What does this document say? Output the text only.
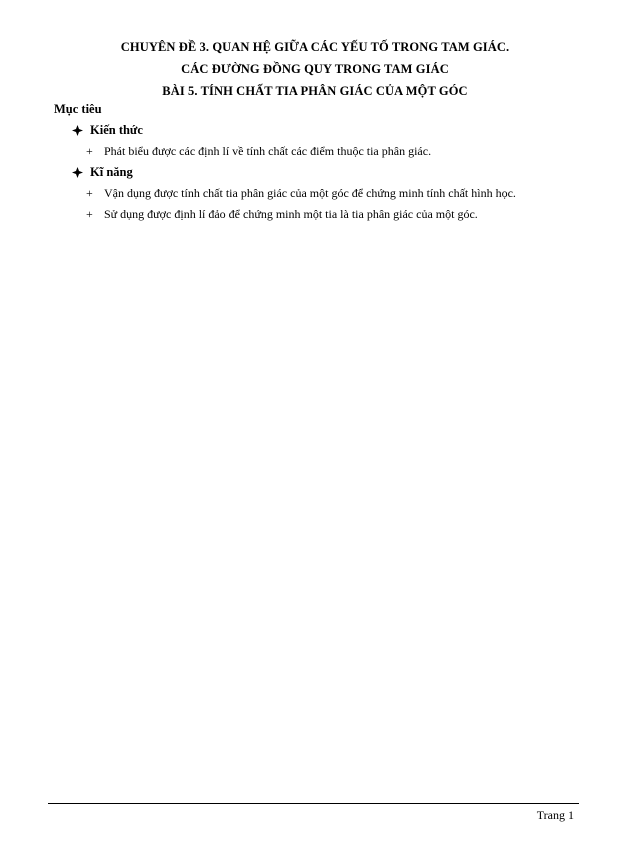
CHUYÊN ĐỀ 3. QUAN HỆ GIỮA CÁC YẾU TỐ TRONG TAM GIÁC.
CÁC ĐƯỜNG ĐỒNG QUY TRONG TAM GIÁC
BÀI 5. TÍNH CHẤT TIA PHÂN GIÁC CỦA MỘT GÓC
Mục tiêu
Kiến thức
+ Phát biểu được các định lí về tính chất các điểm thuộc tia phân giác.
Kĩ năng
+ Vận dụng được tính chất tia phân giác của một góc để chứng minh tính chất hình học.
+ Sử dụng được định lí đảo để chứng minh một tia là tia phân giác của một góc.
Trang 1
